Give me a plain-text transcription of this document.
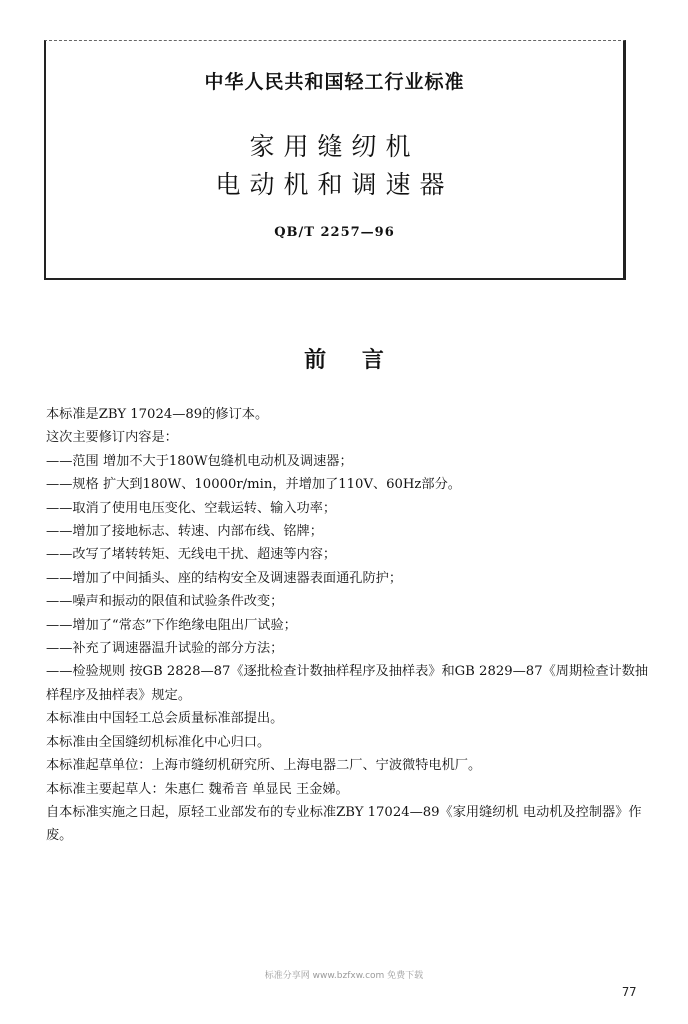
中华人民共和国轻工行业标准
家用缝纫机
电动机和调速器
QB/T 2257—96
前 言

本标准是ZBY 17024—89的修订本。

这次主要修订内容是：

——范围 增加不大于180W包缝机电动机及调速器；

——规格 扩大到180W、10000r/min，并增加了110V、60Hz部分。

——取消了使用电压变化、空载运转、输入功率；

——增加了接地标志、转速、内部布线、铭牌；

——改写了堵转转矩、无线电干扰、超速等内容；

——增加了中间插头、座的结构安全及调速器表面通孔防护；

——噪声和振动的限值和试验条件改变；

——增加了“常态”下作绝缘电阻出厂试验；

——补充了调速器温升试验的部分方法；

——检验规则 按GB 2828—87《逐批检查计数抽样程序及抽样表》和GB 2829—87《周期检查计数抽样程序及抽样表》规定。

本标准由中国轻工总会质量标准部提出。

本标准由全国缝纫机标准化中心归口。

本标准起草单位：上海市缝纫机研究所、上海电器二厂、宁波微特电机厂。

本标准主要起草人：朱惠仁 魏希音 单显民 王金娣。

自本标准实施之日起，原轻工业部发布的专业标准ZBY 17024—89《家用缝纫机 电动机及控制器》作废。

标准分享网 www.bzfxw.com 免费下载
77
